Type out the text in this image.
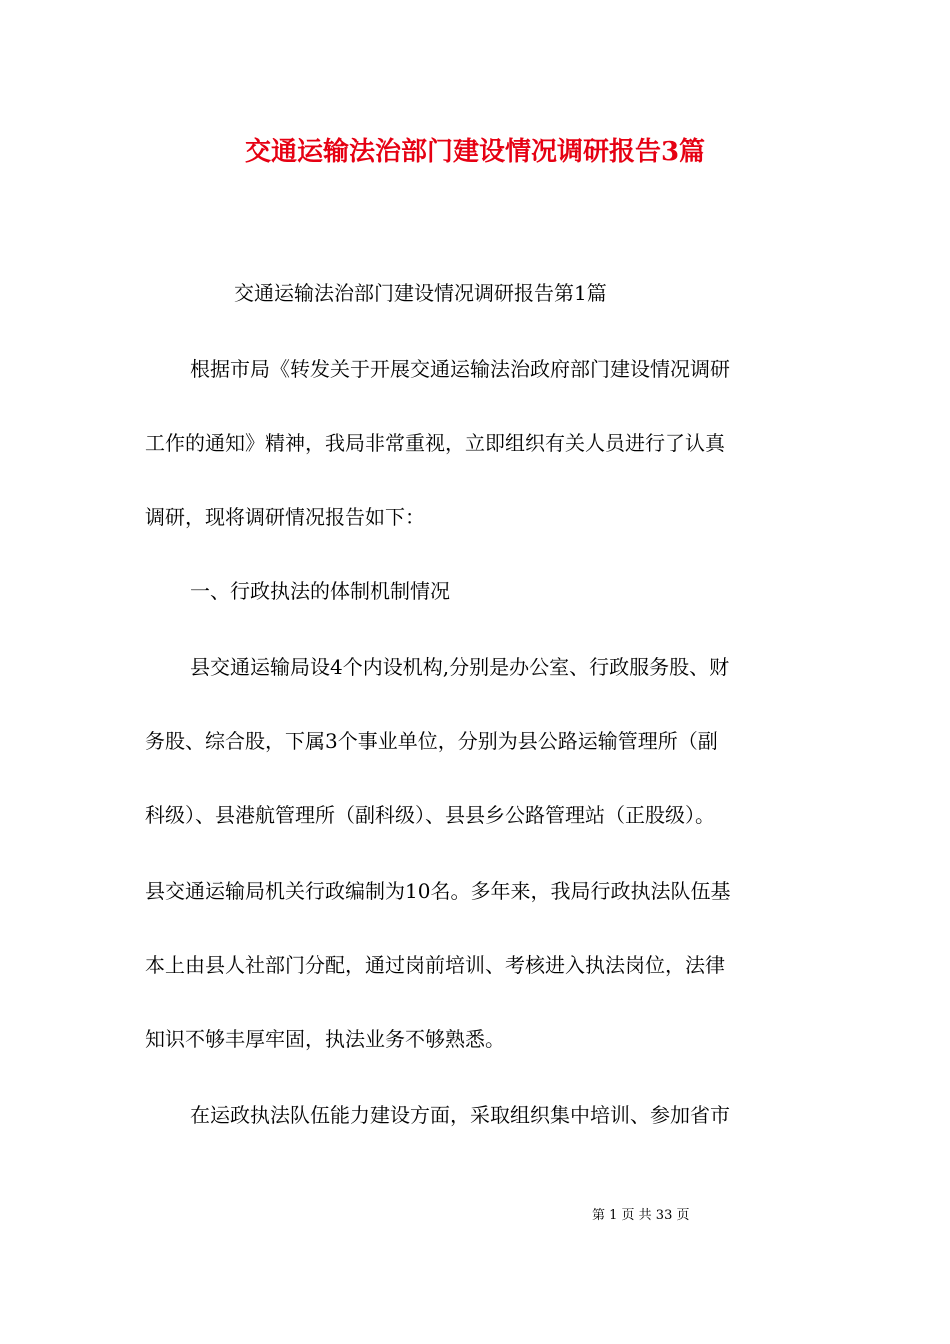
交通运输法治部门建设情况调研报告3篇
交通运输法治部门建设情况调研报告第1篇
根据市局《转发关于开展交通运输法治政府部门建设情况调研
工作的通知》精神，我局非常重视，立即组织有关人员进行了认真
调研，现将调研情况报告如下：
一、行政执法的体制机制情况
县交通运输局设4个内设机构,分别是办公室、行政服务股、财
务股、综合股，下属3个事业单位，分别为县公路运输管理所（副
科级）、县港航管理所（副科级）、县县乡公路管理站（正股级）。
县交通运输局机关行政编制为10名。多年来，我局行政执法队伍基
本上由县人社部门分配，通过岗前培训、考核进入执法岗位，法律
知识不够丰厚牢固，执法业务不够熟悉。
在运政执法队伍能力建设方面，采取组织集中培训、参加省市
第 1 页 共 33 页
